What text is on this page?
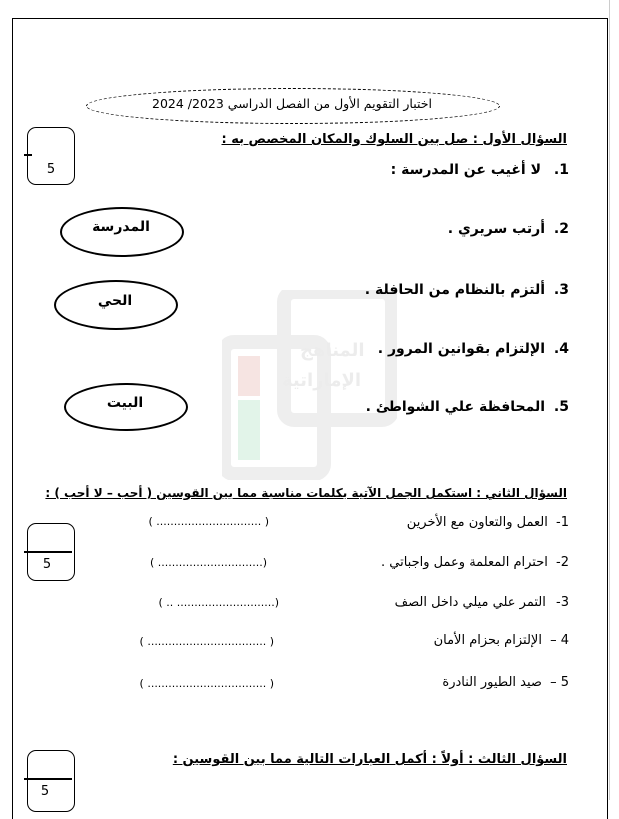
المناهج
الإماراتية
اختبار التقويم الأول من الفصل الدراسي 2023/ 2024
السؤال الأول : صل بين السلوك والمكان المخصص به :
5	1. لا أغيب عن المدرسة :
2. أرتب سريري .
3. ألتزم بالنظام من الحافلة .
4. الإلتزام بقوانين المرور .
5. المحافظة علي الشواطئ .
المدرسة
الحي
البيت
السؤال الثاني : استكمل الجمل الآتية بكلمات مناسبة مما بين القوسين ( أحب – لا أحب ) :
5
1- العمل والتعاون مع الأخرين
( .............................. )
2- احترام المعلمة وعمل واجباتي .
(.............................. )
3- التمر علي ميلي داخل الصف
(............................ .. )
4 – الإلتزام بحزام الأمان
( .................................. )
5 – صيد الطيور النادرة
( .................................. )
السؤال الثالث : أولاً : أكمل العبارات التالية مما بين القوسين :
5
